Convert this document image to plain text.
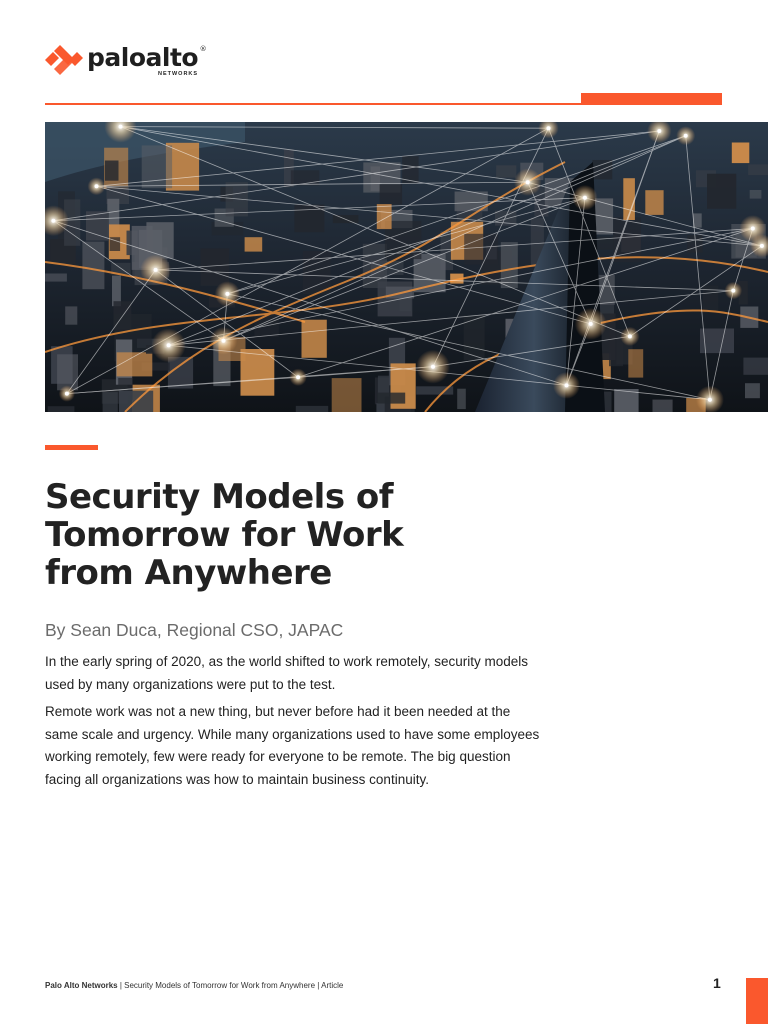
paloalto ®
NETWORKS
Security Models of
Tomorrow for Work
from Anywhere

By Sean Duca, Regional CSO, JAPAC

In the early spring of 2020, as the world shifted to work remotely, security models
used by many organizations were put to the test.

Remote work was not a new thing, but never before had it been needed at the
same scale and urgency. While many organizations used to have some employees
working remotely, few were ready for everyone to be remote. The big question
facing all organizations was how to maintain business continuity.

Palo Alto Networks | Security Models of Tomorrow for Work from Anywhere | Article	1
